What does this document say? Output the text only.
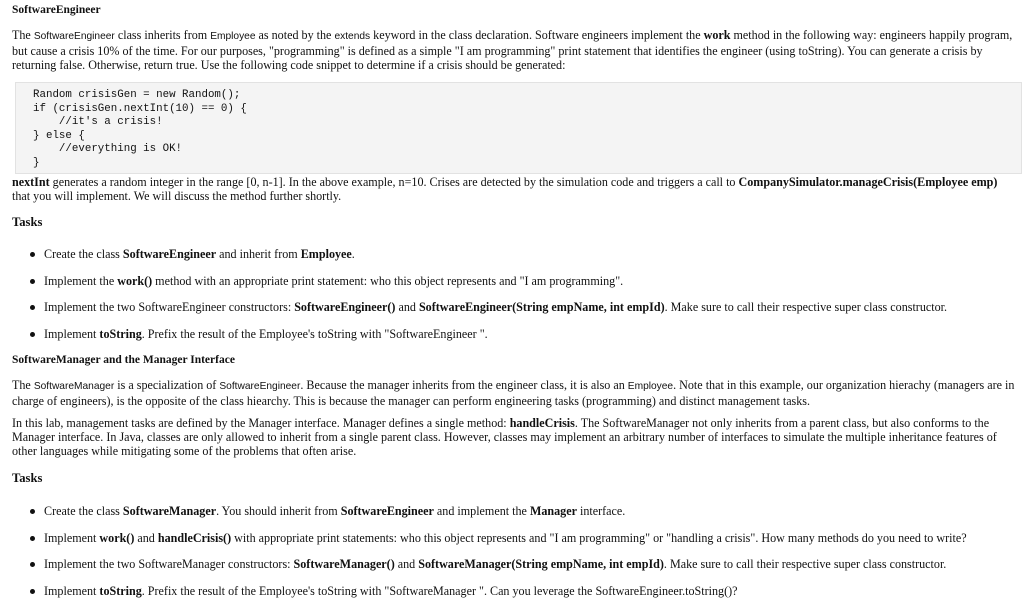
SoftwareEngineer
The SoftwareEngineer class inherits from Employee as noted by the extends keyword in the class declaration. Software engineers implement the work method in the following way: engineers happily program, but cause a crisis 10% of the time. For our purposes, "programming" is defined as a simple "I am programming" print statement that identifies the engineer (using toString). You can generate a crisis by returning false. Otherwise, return true. Use the following code snippet to determine if a crisis should be generated:
Random crisisGen = new Random();
if (crisisGen.nextInt(10) == 0) {
//it's a crisis!
} else {
//everything is OK!
}
nextInt generates a random integer in the range [0, n-1]. In the above example, n=10. Crises are detected by the simulation code and triggers a call to CompanySimulator.manageCrisis(Employee emp) that you will implement. We will discuss the method further shortly.
Tasks
Create the class SoftwareEngineer and inherit from Employee.
Implement the work() method with an appropriate print statement: who this object represents and "I am programming".
Implement the two SoftwareEngineer constructors: SoftwareEngineer() and SoftwareEngineer(String empName, int empId). Make sure to call their respective super class constructor.
Implement toString. Prefix the result of the Employee's toString with "SoftwareEngineer ".
SoftwareManager and the Manager Interface
The SoftwareManager is a specialization of SoftwareEngineer. Because the manager inherits from the engineer class, it is also an Employee. Note that in this example, our organization hierachy (managers are in charge of engineers), is the opposite of the class hiearchy. This is because the manager can perform engineering tasks (programming) and distinct management tasks.
In this lab, management tasks are defined by the Manager interface. Manager defines a single method: handleCrisis. The SoftwareManager not only inherits from a parent class, but also conforms to the Manager interface. In Java, classes are only allowed to inherit from a single parent class. However, classes may implement an arbitrary number of interfaces to simulate the multiple inheritance features of other languages while mitigating some of the problems that often arise.
Tasks
Create the class SoftwareManager. You should inherit from SoftwareEngineer and implement the Manager interface.
Implement work() and handleCrisis() with appropriate print statements: who this object represents and "I am programming" or "handling a crisis". How many methods do you need to write?
Implement the two SoftwareManager constructors: SoftwareManager() and SoftwareManager(String empName, int empId). Make sure to call their respective super class constructor.
Implement toString. Prefix the result of the Employee's toString with "SoftwareManager ". Can you leverage the SoftwareEngineer.toString()?
